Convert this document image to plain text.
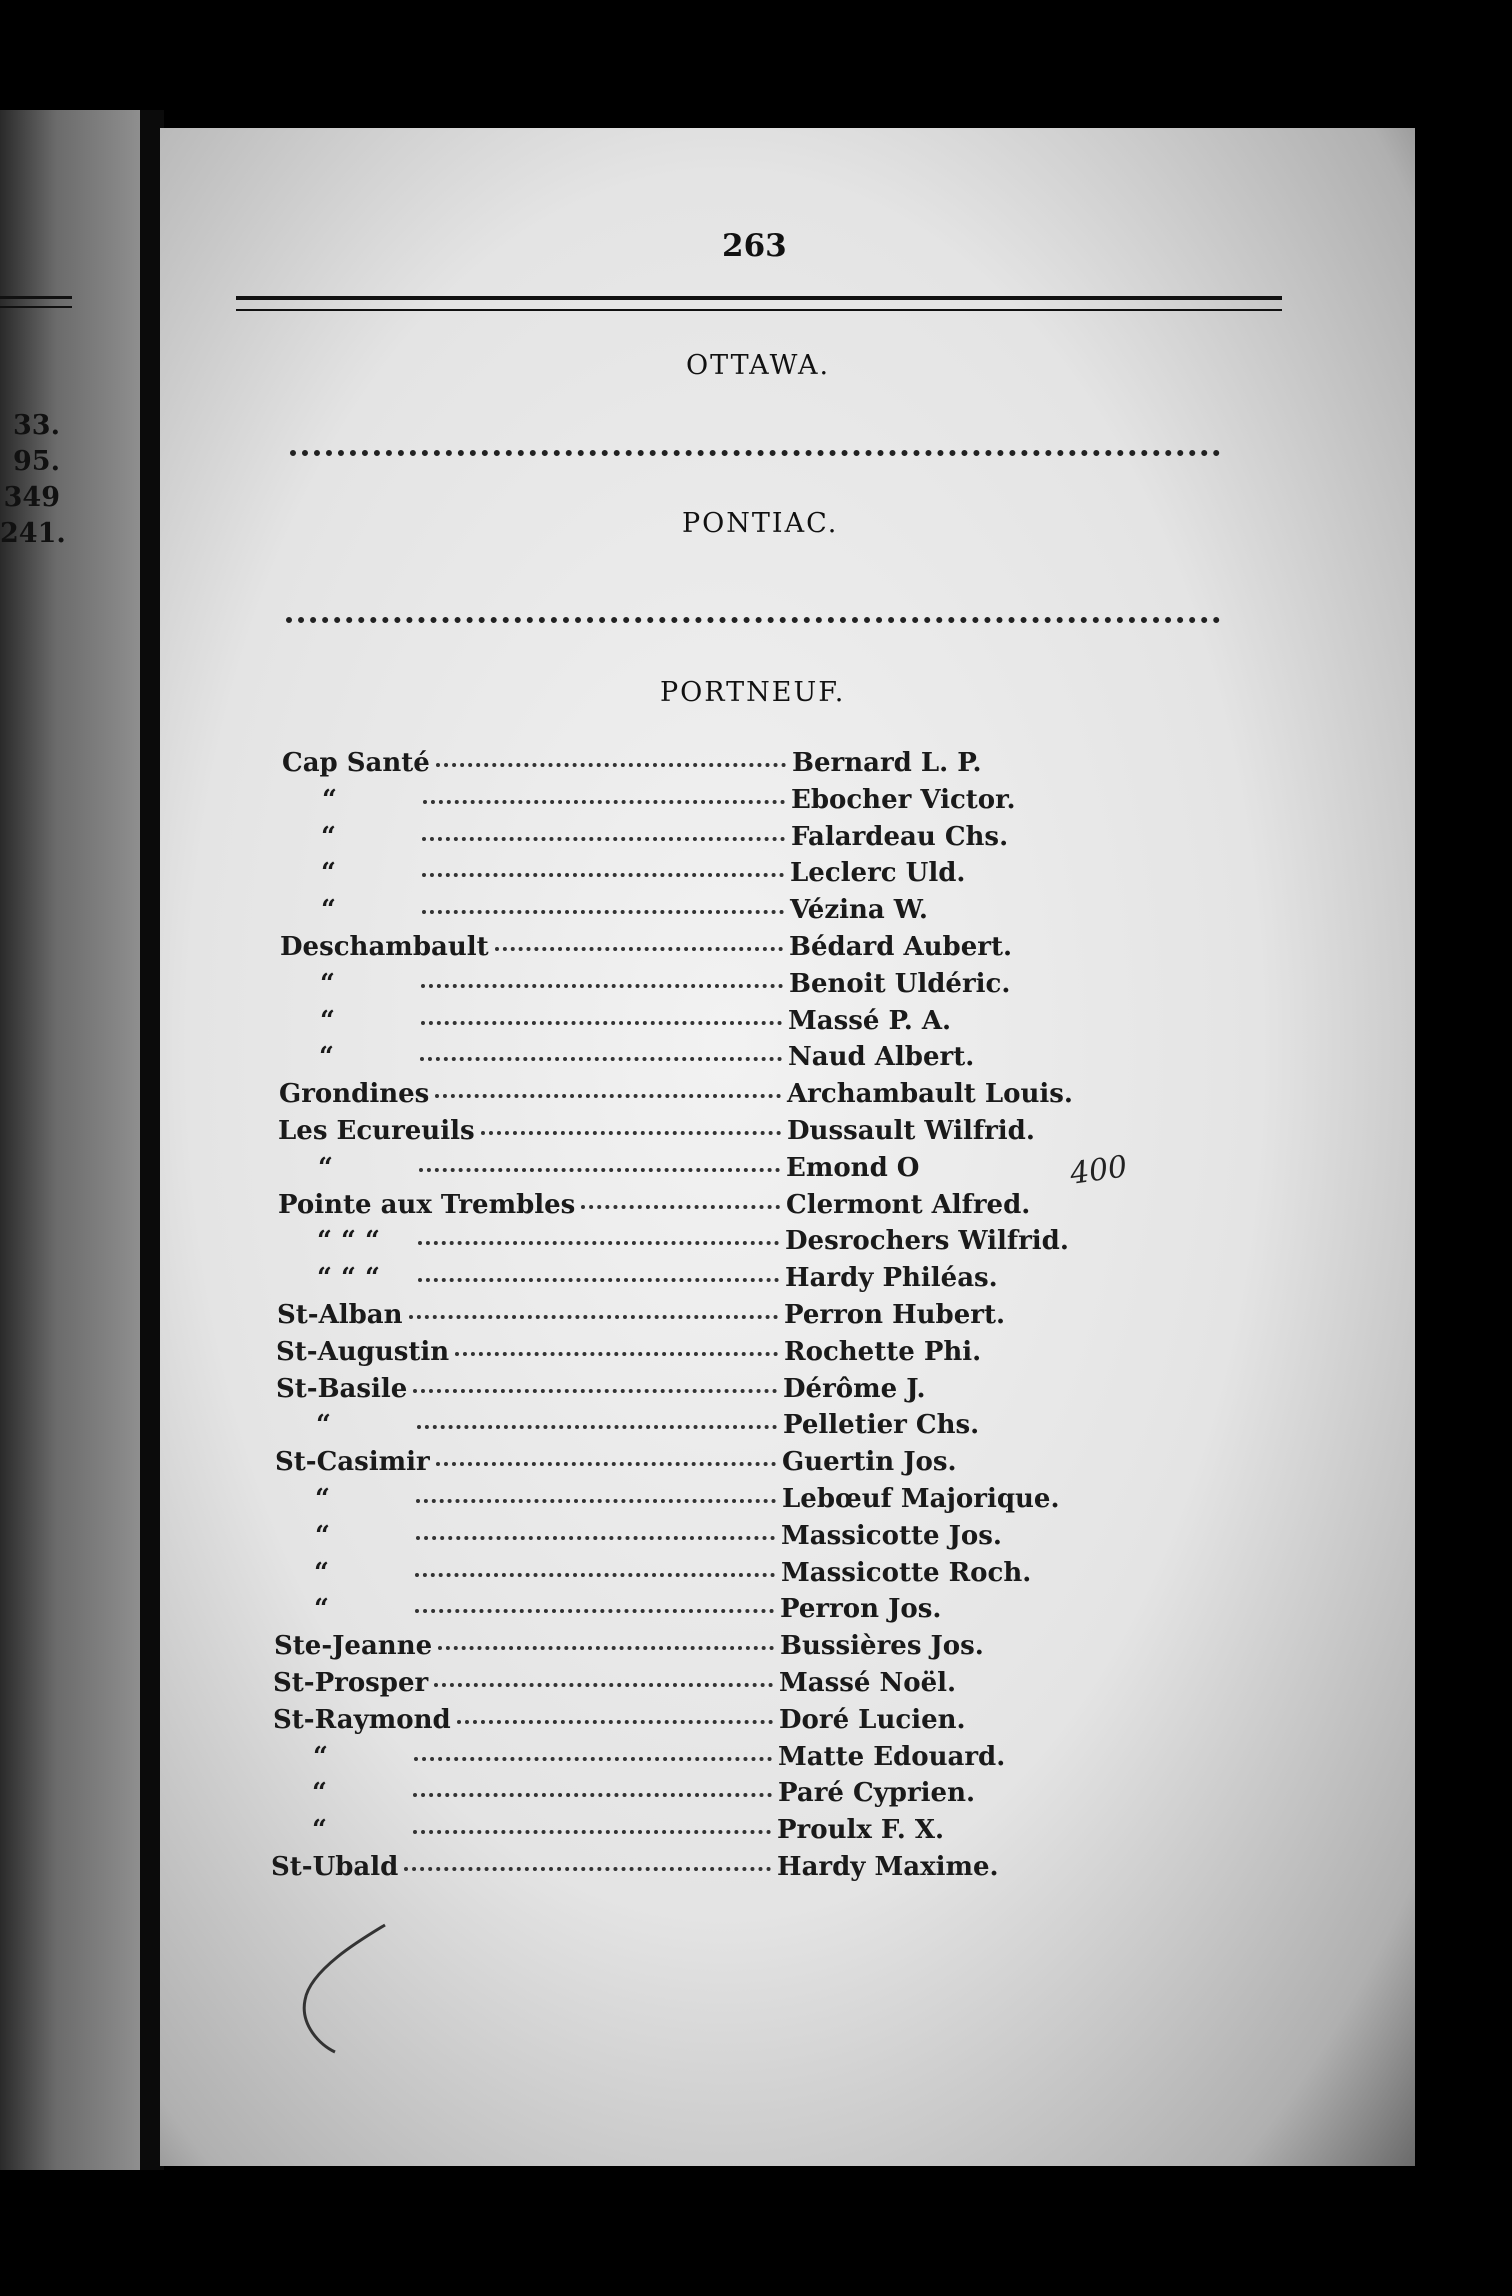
33.
95.
349
241.
263
OTTAWA.
PONTIAC.
PORTNEUF.
Cap Santé	Bernard L. P.
“	Ebocher Victor.
“	Falardeau Chs.
“	Leclerc Uld.
“	Vézina W.
Deschambault	Bédard Aubert.
“	Benoit Uldéric.
“	Massé P. A.
“	Naud Albert.
Grondines	Archambault Louis.
Les Ecureuils	Dussault Wilfrid.
“	Emond O
Pointe aux Trembles	Clermont Alfred.
“ “ “	Desrochers Wilfrid.
“ “ “	Hardy Philéas.
St-Alban	Perron Hubert.
St-Augustin	Rochette Phi.
St-Basile	Dérôme J.
“	Pelletier Chs.
St-Casimir	Guertin Jos.
“	Lebœuf Majorique.
“	Massicotte Jos.
“	Massicotte Roch.
“	Perron Jos.
Ste-Jeanne	Bussières Jos.
St-Prosper	Massé Noël.
St-Raymond	Doré Lucien.
“	Matte Edouard.
“	Paré Cyprien.
“	Proulx F. X.
St-Ubald	Hardy Maxime.
400
